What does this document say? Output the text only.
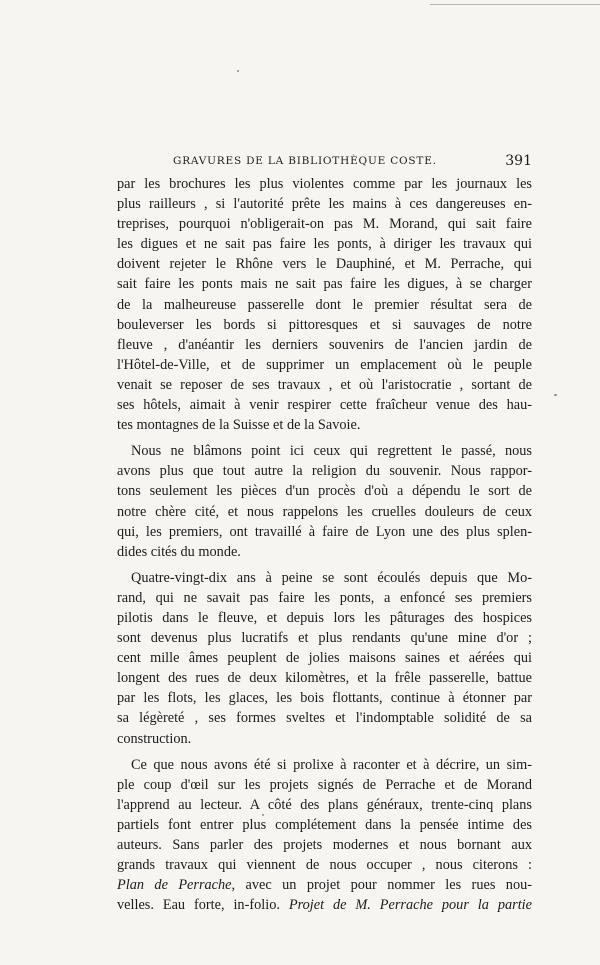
GRAVURES DE LA BIBLIOTHÈQUE COSTE.	391

par les brochures les plus violentes comme par les journaux les
plus railleurs , si l'autorité prête les mains à ces dangereuses en-
treprises, pourquoi n'obligerait-on pas M. Morand, qui sait faire
les digues et ne sait pas faire les ponts, à diriger les travaux qui
doivent rejeter le Rhône vers le Dauphiné, et M. Perrache, qui
sait faire les ponts mais ne sait pas faire les digues, à se charger
de la malheureuse passerelle dont le premier résultat sera de
bouleverser les bords si pittoresques et si sauvages de notre
fleuve , d'anéantir les derniers souvenirs de l'ancien jardin de
l'Hôtel-de-Ville, et de supprimer un emplacement où le peuple
venait se reposer de ses travaux , et où l'aristocratie , sortant de
ses hôtels, aimait à venir respirer cette fraîcheur venue des hau-
tes montagnes de la Suisse et de la Savoie.

Nous ne blâmons point ici ceux qui regrettent le passé, nous
avons plus que tout autre la religion du souvenir. Nous rappor-
tons seulement les pièces d'un procès d'où a dépendu le sort de
notre chère cité, et nous rappelons les cruelles douleurs de ceux
qui, les premiers, ont travaillé à faire de Lyon une des plus splen-
dides cités du monde.

Quatre-vingt-dix ans à peine se sont écoulés depuis que Mo-
rand, qui ne savait pas faire les ponts, a enfoncé ses premiers
pilotis dans le fleuve, et depuis lors les pâturages des hospices
sont devenus plus lucratifs et plus rendants qu'une mine d'or ;
cent mille âmes peuplent de jolies maisons saines et aérées qui
longent des rues de deux kilomètres, et la frêle passerelle, battue
par les flots, les glaces, les bois flottants, continue à étonner par
sa légèreté , ses formes sveltes et l'indomptable solidité de sa
construction.

Ce que nous avons été si prolixe à raconter et à décrire, un sim-
ple coup d'œil sur les projets signés de Perrache et de Morand
l'apprend au lecteur. A côté des plans généraux, trente-cinq plans
partiels font entrer plus complétement dans la pensée intime des
auteurs. Sans parler des projets modernes et nous bornant aux
grands travaux qui viennent de nous occuper , nous citerons :
Plan de Perrache, avec un projet pour nommer les rues nou-
velles. Eau forte, in-folio. Projet de M. Perrache pour la partie
